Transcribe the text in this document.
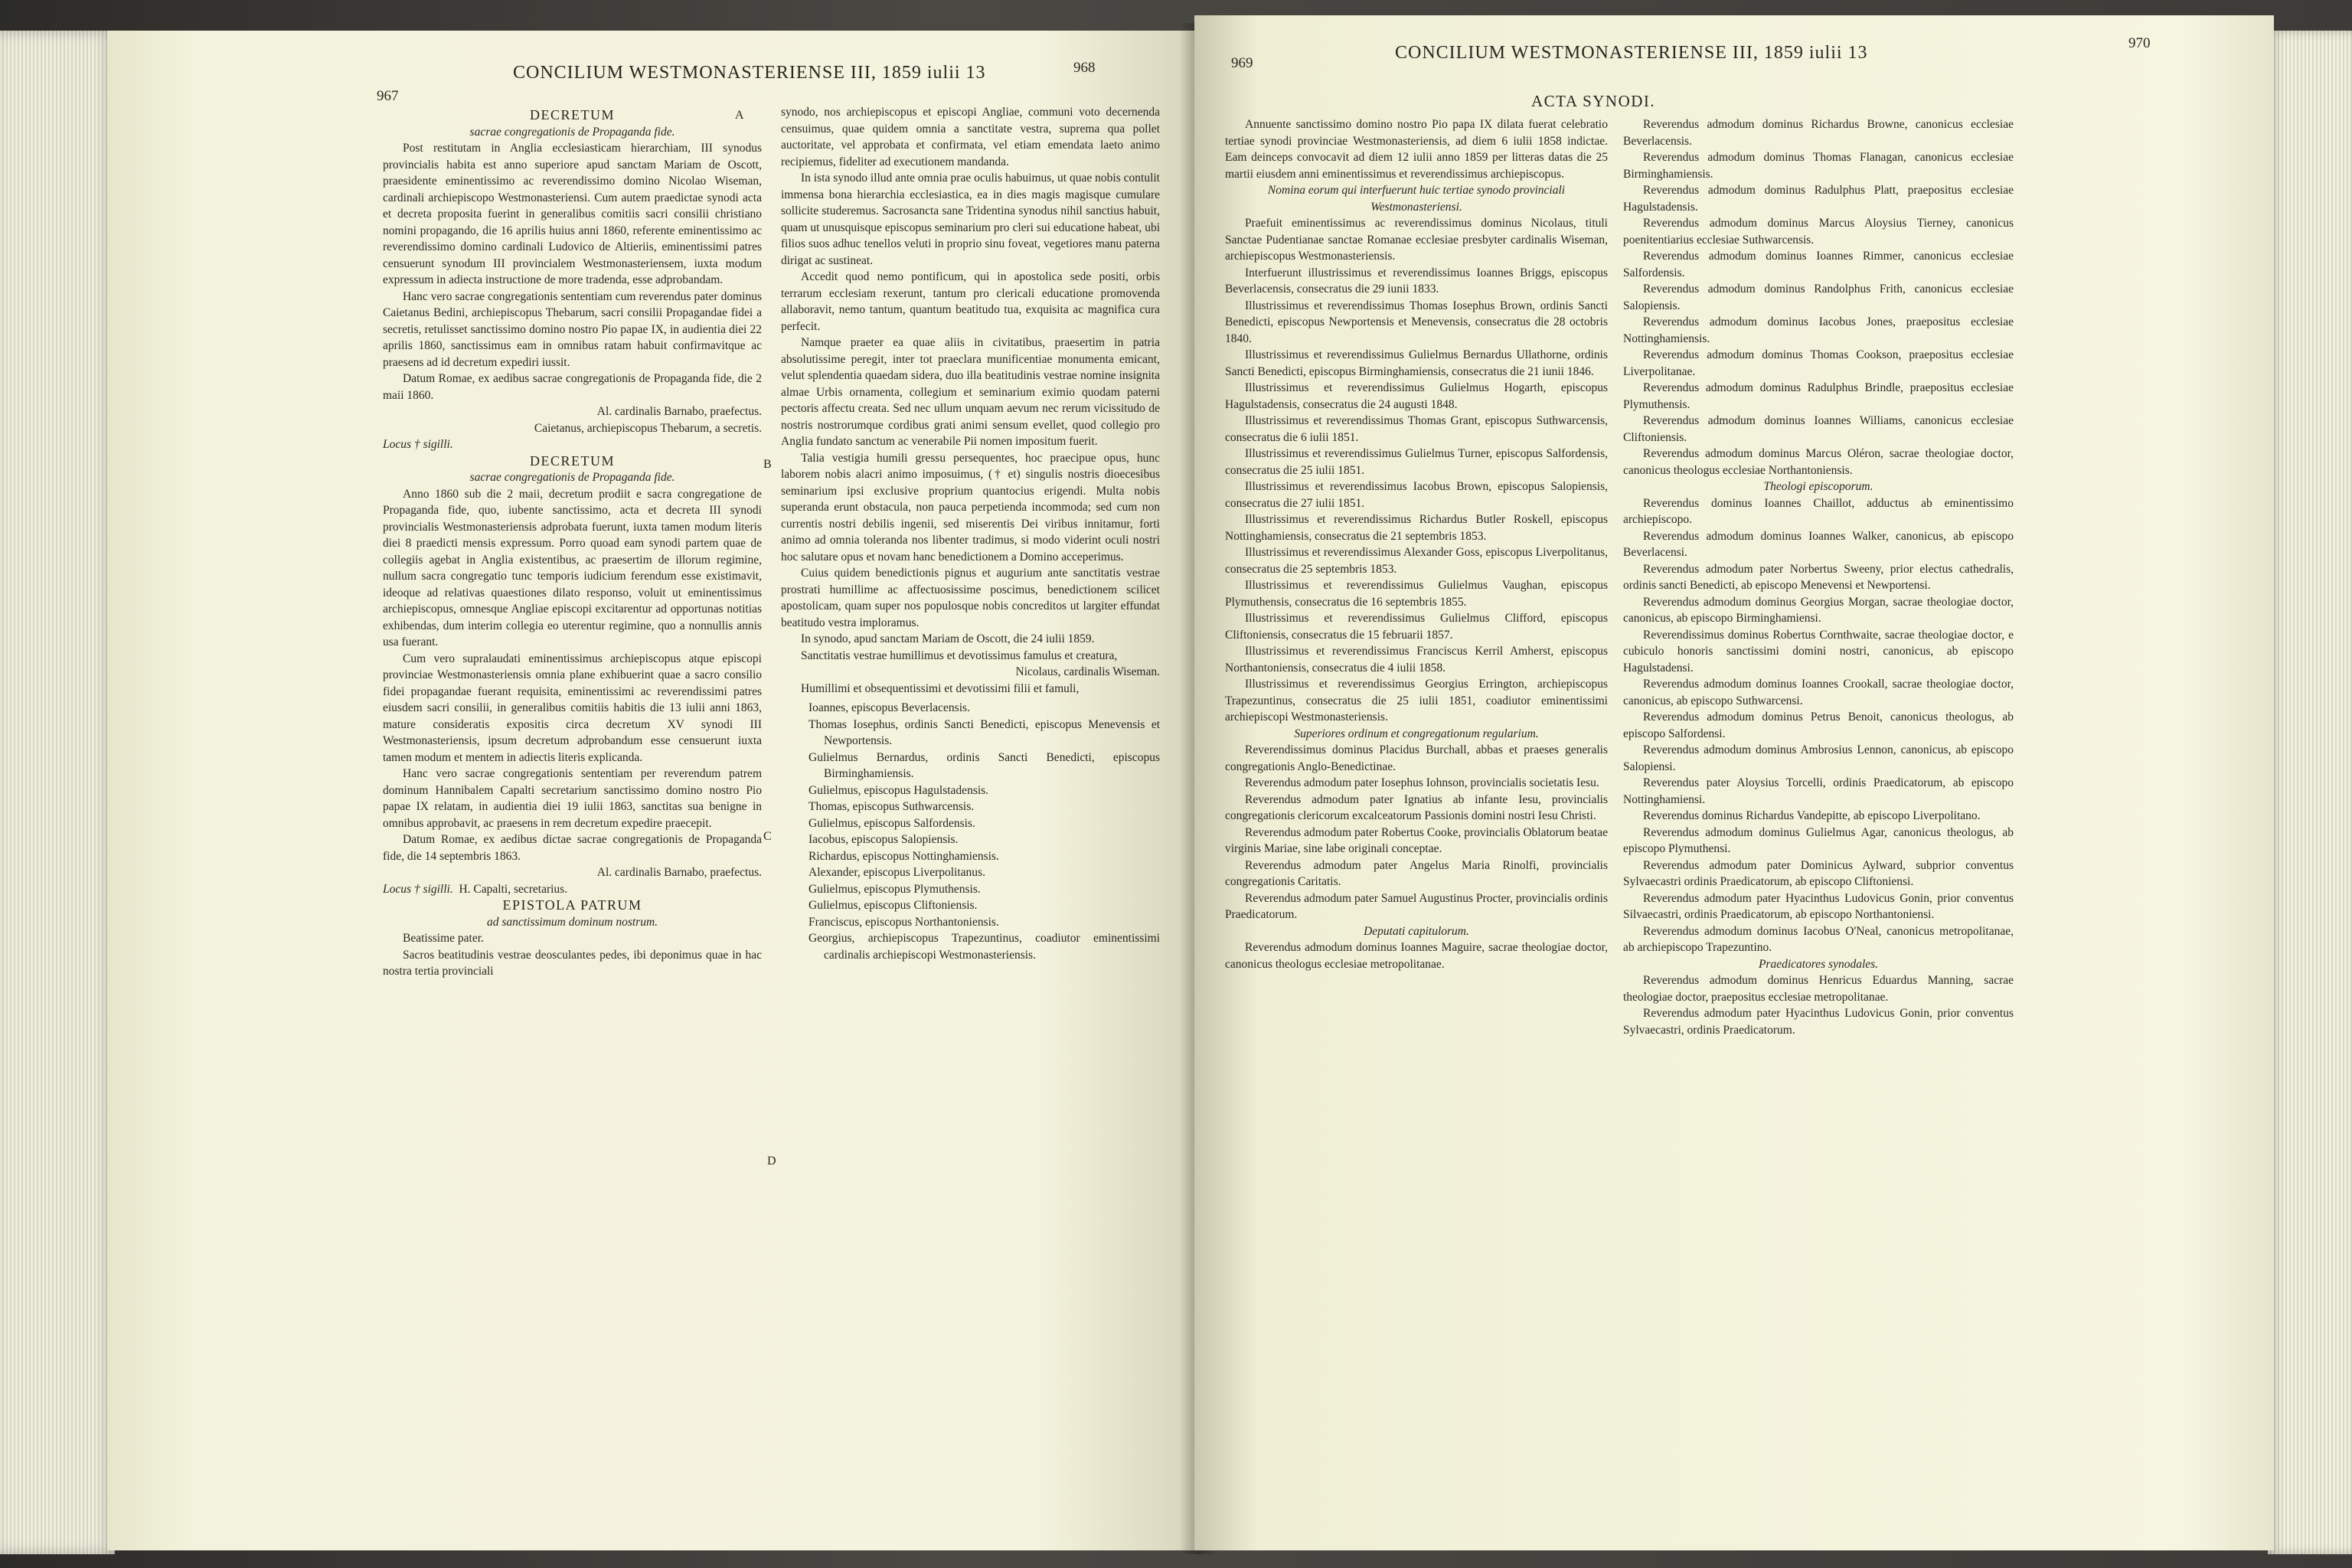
967
CONCILIUM WESTMONASTERIENSE III, 1859 iulii 13	968

DECRETUM

sacrae congregationis de Propaganda fide.

Post restitutam in Anglia ecclesiasticam hierarchiam, III synodus provincialis habita est anno superiore apud sanctam Mariam de Oscott, praesidente eminentissimo ac reverendissimo domino Nicolao Wiseman, cardinali archiepiscopo Westmonasteriensi. Cum autem praedictae synodi acta et decreta proposita fuerint in generalibus comitiis sacri consilii christiano nomini propagando, die 16 aprilis huius anni 1860, referente eminentissimo ac reverendissimo domino cardinali Ludovico de Altieriis, eminentissimi patres censuerunt synodum III provincialem Westmonasteriensem, iuxta modum expressum in adiecta instructione de more tradenda, esse adprobandam.

Hanc vero sacrae congregationis sententiam cum reverendus pater dominus Caietanus Bedini, archiepiscopus Thebarum, sacri consilii Propagandae fidei a secretis, retulisset sanctissimo domino nostro Pio papae IX, in audientia diei 22 aprilis 1860, sanctissimus eam in omnibus ratam habuit confirmavitque ac praesens ad id decretum expediri iussit.

Datum Romae, ex aedibus sacrae congregationis de Propaganda fide, die 2 maii 1860.

Al. cardinalis Barnabo, praefectus.

Caietanus, archiepiscopus Thebarum, a secretis.

Locus † sigilli.

DECRETUM

sacrae congregationis de Propaganda fide.

Anno 1860 sub die 2 maii, decretum prodiit e sacra congregatione de Propaganda fide, quo, iubente sanctissimo, acta et decreta III synodi provincialis Westmonasteriensis adprobata fuerunt, iuxta tamen modum literis diei 8 praedicti mensis expressum. Porro quoad eam synodi partem quae de collegiis agebat in Anglia existentibus, ac praesertim de illorum regimine, nullum sacra congregatio tunc temporis iudicium ferendum esse existimavit, ideoque ad relativas quaestiones dilato responso, voluit ut eminentissimus archiepiscopus, omnesque Angliae episcopi excitarentur ad opportunas notitias exhibendas, dum interim collegia eo uterentur regimine, quo a nonnullis annis usa fuerant.

Cum vero supralaudati eminentissimus archiepiscopus atque episcopi provinciae Westmonasteriensis omnia plane exhibuerint quae a sacro consilio fidei propagandae fuerant requisita, eminentissimi ac reverendissimi patres eiusdem sacri consilii, in generalibus comitiis habitis die 13 iulii anni 1863, mature consideratis expositis circa decretum XV synodi III Westmonasteriensis, ipsum decretum adprobandum esse censuerunt iuxta tamen modum et mentem in adiectis literis explicanda.

Hanc vero sacrae congregationis sententiam per reverendum patrem dominum Hannibalem Capalti secretarium sanctissimo domino nostro Pio papae IX relatam, in audientia diei 19 iulii 1863, sanctitas sua benigne in omnibus approbavit, ac praesens in rem decretum expedire praecepit.

Datum Romae, ex aedibus dictae sacrae congregationis de Propaganda fide, die 14 septembris 1863.

Al. cardinalis Barnabo, praefectus.

Locus † sigilli. H. Capalti, secretarius.

EPISTOLA PATRUM

ad sanctissimum dominum nostrum.

Beatissime pater.

Sacros beatitudinis vestrae deosculantes pedes, ibi deponimus quae in hac nostra tertia provinciali

A
B
C
D

synodo, nos archiepiscopus et episcopi Angliae, communi voto decernenda censuimus, quae quidem omnia a sanctitate vestra, suprema qua pollet auctoritate, vel approbata et confirmata, vel etiam emendata laeto animo recipiemus, fideliter ad executionem mandanda.

In ista synodo illud ante omnia prae oculis habuimus, ut quae nobis contulit immensa bona hierarchia ecclesiastica, ea in dies magis magisque cumulare sollicite studeremus. Sacrosancta sane Tridentina synodus nihil sanctius habuit, quam ut unusquisque episcopus seminarium pro cleri sui educatione habeat, ubi filios suos adhuc tenellos veluti in proprio sinu foveat, vegetiores manu paterna dirigat ac sustineat.

Accedit quod nemo pontificum, qui in apostolica sede positi, orbis terrarum ecclesiam rexerunt, tantum pro clericali educatione promovenda allaboravit, nemo tantum, quantum beatitudo tua, exquisita ac magnifica cura perfecit.

Namque praeter ea quae aliis in civitatibus, praesertim in patria absolutissime peregit, inter tot praeclara munificentiae monumenta emicant, velut splendentia quaedam sidera, duo illa beatitudinis vestrae nomine insignita almae Urbis ornamenta, collegium et seminarium eximio quodam paterni pectoris affectu creata. Sed nec ullum unquam aevum nec rerum vicissitudo de nostris nostrorumque cordibus grati animi sensum evellet, quod collegio pro Anglia fundato sanctum ac venerabile Pii nomen impositum fuerit.

Talia vestigia humili gressu persequentes, hoc praecipue opus, hunc laborem nobis alacri animo imposuimus, († et) singulis nostris dioecesibus seminarium ipsi exclusive proprium quantocius erigendi. Multa nobis superanda erunt obstacula, non pauca perpetienda incommoda; sed cum non currentis nostri debilis ingenii, sed miserentis Dei viribus innitamur, forti animo ad omnia toleranda nos libenter tradimus, si modo viderint oculi nostri hoc salutare opus et novam hanc benedictionem a Domino acceperimus.

Cuius quidem benedictionis pignus et augurium ante sanctitatis vestrae prostrati humillime ac affectuosissime poscimus, benedictionem scilicet apostolicam, quam super nos populosque nobis concreditos ut largiter effundat beatitudo vestra imploramus.

In synodo, apud sanctam Mariam de Oscott, die 24 iulii 1859.

Sanctitatis vestrae humillimus et devotissimus famulus et creatura,

Nicolaus, cardinalis Wiseman.

Humillimi et obsequentissimi et devotissimi filii et famuli,

Ioannes, episcopus Beverlacensis.
Thomas Iosephus, ordinis Sancti Benedicti, episcopus Menevensis et Newportensis.
Gulielmus Bernardus, ordinis Sancti Benedicti, episcopus Birminghamiensis.
Gulielmus, episcopus Hagulstadensis.
Thomas, episcopus Suthwarcensis.
Gulielmus, episcopus Salfordensis.
Iacobus, episcopus Salopiensis.
Richardus, episcopus Nottinghamiensis.
Alexander, episcopus Liverpolitanus.
Gulielmus, episcopus Plymuthensis.
Gulielmus, episcopus Cliftoniensis.
Franciscus, episcopus Northantoniensis.
Georgius, archiepiscopus Trapezuntinus, coadiutor eminentissimi cardinalis archiepiscopi Westmonasteriensis.
969
CONCILIUM WESTMONASTERIENSE III, 1859 iulii 13	970
ACTA SYNODI.

Annuente sanctissimo domino nostro Pio papa IX dilata fuerat celebratio tertiae synodi provinciae Westmonasteriensis, ad diem 6 iulii 1858 indictae. Eam deinceps convocavit ad diem 12 iulii anno 1859 per litteras datas die 25 martii eiusdem anni eminentissimus et reverendissimus archiepiscopus.

Nomina eorum qui interfuerunt huic tertiae synodo provinciali Westmonasteriensi.

Praefuit eminentissimus ac reverendissimus dominus Nicolaus, tituli Sanctae Pudentianae sanctae Romanae ecclesiae presbyter cardinalis Wiseman, archiepiscopus Westmonasteriensis.

Interfuerunt illustrissimus et reverendissimus Ioannes Briggs, episcopus Beverlacensis, consecratus die 29 iunii 1833.

Illustrissimus et reverendissimus Thomas Iosephus Brown, ordinis Sancti Benedicti, episcopus Newportensis et Menevensis, consecratus die 28 octobris 1840.

Illustrissimus et reverendissimus Gulielmus Bernardus Ullathorne, ordinis Sancti Benedicti, episcopus Birminghamiensis, consecratus die 21 iunii 1846.

Illustrissimus et reverendissimus Gulielmus Hogarth, episcopus Hagulstadensis, consecratus die 24 augusti 1848.

Illustrissimus et reverendissimus Thomas Grant, episcopus Suthwarcensis, consecratus die 6 iulii 1851.

Illustrissimus et reverendissimus Gulielmus Turner, episcopus Salfordensis, consecratus die 25 iulii 1851.

Illustrissimus et reverendissimus Iacobus Brown, episcopus Salopiensis, consecratus die 27 iulii 1851.

Illustrissimus et reverendissimus Richardus Butler Roskell, episcopus Nottinghamiensis, consecratus die 21 septembris 1853.

Illustrissimus et reverendissimus Alexander Goss, episcopus Liverpolitanus, consecratus die 25 septembris 1853.

Illustrissimus et reverendissimus Gulielmus Vaughan, episcopus Plymuthensis, consecratus die 16 septembris 1855.

Illustrissimus et reverendissimus Gulielmus Clifford, episcopus Cliftoniensis, consecratus die 15 februarii 1857.

Illustrissimus et reverendissimus Franciscus Kerril Amherst, episcopus Northantoniensis, consecratus die 4 iulii 1858.

Illustrissimus et reverendissimus Georgius Errington, archiepiscopus Trapezuntinus, consecratus die 25 iulii 1851, coadiutor eminentissimi archiepiscopi Westmonasteriensis.

Superiores ordinum et congregationum regularium.

Reverendissimus dominus Placidus Burchall, abbas et praeses generalis congregationis Anglo-Benedictinae.

Reverendus admodum pater Iosephus Iohnson, provincialis societatis Iesu.

Reverendus admodum pater Ignatius ab infante Iesu, provincialis congregationis clericorum excalceatorum Passionis domini nostri Iesu Christi.

Reverendus admodum pater Robertus Cooke, provincialis Oblatorum beatae virginis Mariae, sine labe originali conceptae.

Reverendus admodum pater Angelus Maria Rinolfi, provincialis congregationis Caritatis.

Reverendus admodum pater Samuel Augustinus Procter, provincialis ordinis Praedicatorum.

Deputati capitulorum.

Reverendus admodum dominus Ioannes Maguire, sacrae theologiae doctor, canonicus theologus ecclesiae metropolitanae.

Reverendus admodum dominus Richardus Browne, canonicus ecclesiae Beverlacensis.

Reverendus admodum dominus Thomas Flanagan, canonicus ecclesiae Birminghamiensis.

Reverendus admodum dominus Radulphus Platt, praepositus ecclesiae Hagulstadensis.

Reverendus admodum dominus Marcus Aloysius Tierney, canonicus poenitentiarius ecclesiae Suthwarcensis.

Reverendus admodum dominus Ioannes Rimmer, canonicus ecclesiae Salfordensis.

Reverendus admodum dominus Randolphus Frith, canonicus ecclesiae Salopiensis.

Reverendus admodum dominus Iacobus Jones, praepositus ecclesiae Nottinghamiensis.

Reverendus admodum dominus Thomas Cookson, praepositus ecclesiae Liverpolitanae.

Reverendus admodum dominus Radulphus Brindle, praepositus ecclesiae Plymuthensis.

Reverendus admodum dominus Ioannes Williams, canonicus ecclesiae Cliftoniensis.

Reverendus admodum dominus Marcus Oléron, sacrae theologiae doctor, canonicus theologus ecclesiae Northantoniensis.

Theologi episcoporum.

Reverendus dominus Ioannes Chaillot, adductus ab eminentissimo archiepiscopo.

Reverendus admodum dominus Ioannes Walker, canonicus, ab episcopo Beverlacensi.

Reverendus admodum pater Norbertus Sweeny, prior electus cathedralis, ordinis sancti Benedicti, ab episcopo Menevensi et Newportensi.

Reverendus admodum dominus Georgius Morgan, sacrae theologiae doctor, canonicus, ab episcopo Birminghamiensi.

Reverendissimus dominus Robertus Cornthwaite, sacrae theologiae doctor, e cubiculo honoris sanctissimi domini nostri, canonicus, ab episcopo Hagulstadensi.

Reverendus admodum dominus Ioannes Crookall, sacrae theologiae doctor, canonicus, ab episcopo Suthwarcensi.

Reverendus admodum dominus Petrus Benoit, canonicus theologus, ab episcopo Salfordensi.

Reverendus admodum dominus Ambrosius Lennon, canonicus, ab episcopo Salopiensi.

Reverendus pater Aloysius Torcelli, ordinis Praedicatorum, ab episcopo Nottinghamiensi.

Reverendus dominus Richardus Vandepitte, ab episcopo Liverpolitano.

Reverendus admodum dominus Gulielmus Agar, canonicus theologus, ab episcopo Plymuthensi.

Reverendus admodum pater Dominicus Aylward, subprior conventus Sylvaecastri ordinis Praedicatorum, ab episcopo Cliftoniensi.

Reverendus admodum pater Hyacinthus Ludovicus Gonin, prior conventus Silvaecastri, ordinis Praedicatorum, ab episcopo Northantoniensi.

Reverendus admodum dominus Iacobus O'Neal, canonicus metropolitanae, ab archiepiscopo Trapezuntino.

Praedicatores synodales.

Reverendus admodum dominus Henricus Eduardus Manning, sacrae theologiae doctor, praepositus ecclesiae metropolitanae.

Reverendus admodum pater Hyacinthus Ludovicus Gonin, prior conventus Sylvaecastri, ordinis Praedicatorum.
